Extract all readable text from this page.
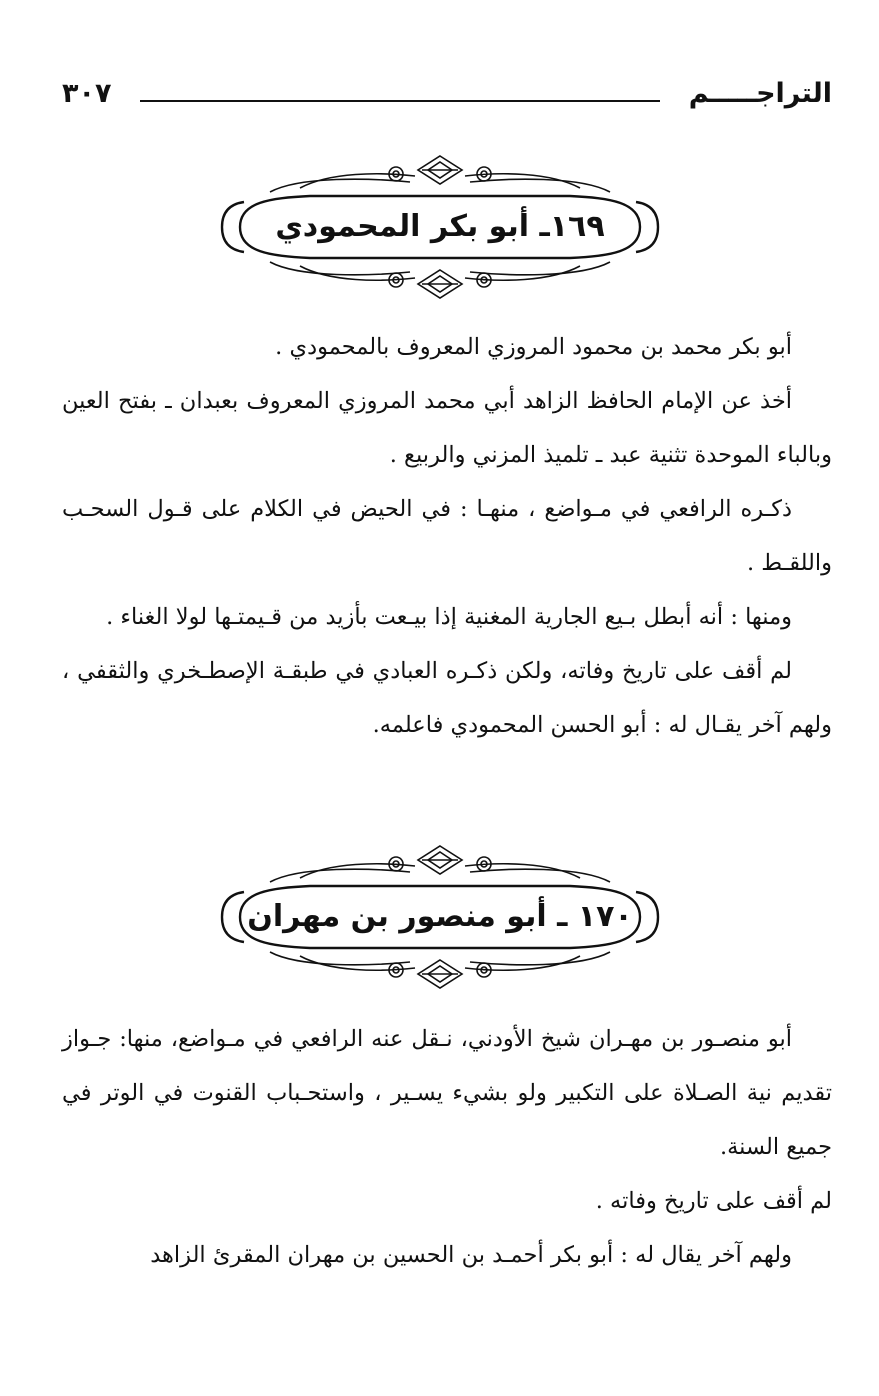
التراجـــــم
٣٠٧
١٦٩ـ أبو بكر المحمودي

أبو بكر محمد بن محمود المروزي المعروف بالمحمودي .

أخذ عن الإمام الحافظ الزاهد أبي محمد المروزي المعروف بعبدان ـ بفتح العين وبالباء الموحدة تثنية عبد ـ تلميذ المزني والربيع .

ذكـره الرافعي في مـواضع ، منهـا : في الحيض في الكلام على قـول السحـب واللقـط .

ومنها : أنه أبطل بـيع الجارية المغنية إذا بيـعت بأزيد من قـيمتـها لولا الغناء .

لم أقف على تاريخ وفاته، ولكن ذكـره العبادي في طبقـة الإصطـخري والثقفي ، ولهم آخر يقـال له : أبو الحسن المحمودي فاعلمه.

١٧٠ ـ أبو منصور بن مهران

أبو منصـور بن مهـران شيخ الأودني، نـقل عنه الرافعي في مـواضع، منها: جـواز تقديم نية الصـلاة على التكبير ولو بشيء يسـير ، واستحـباب القنوت في الوتر في جميع السنة.

لم أقف على تاريخ وفاته .

ولهم آخر يقال له : أبو بكر أحمـد بن الحسين بن مهران المقرئ الزاهد
